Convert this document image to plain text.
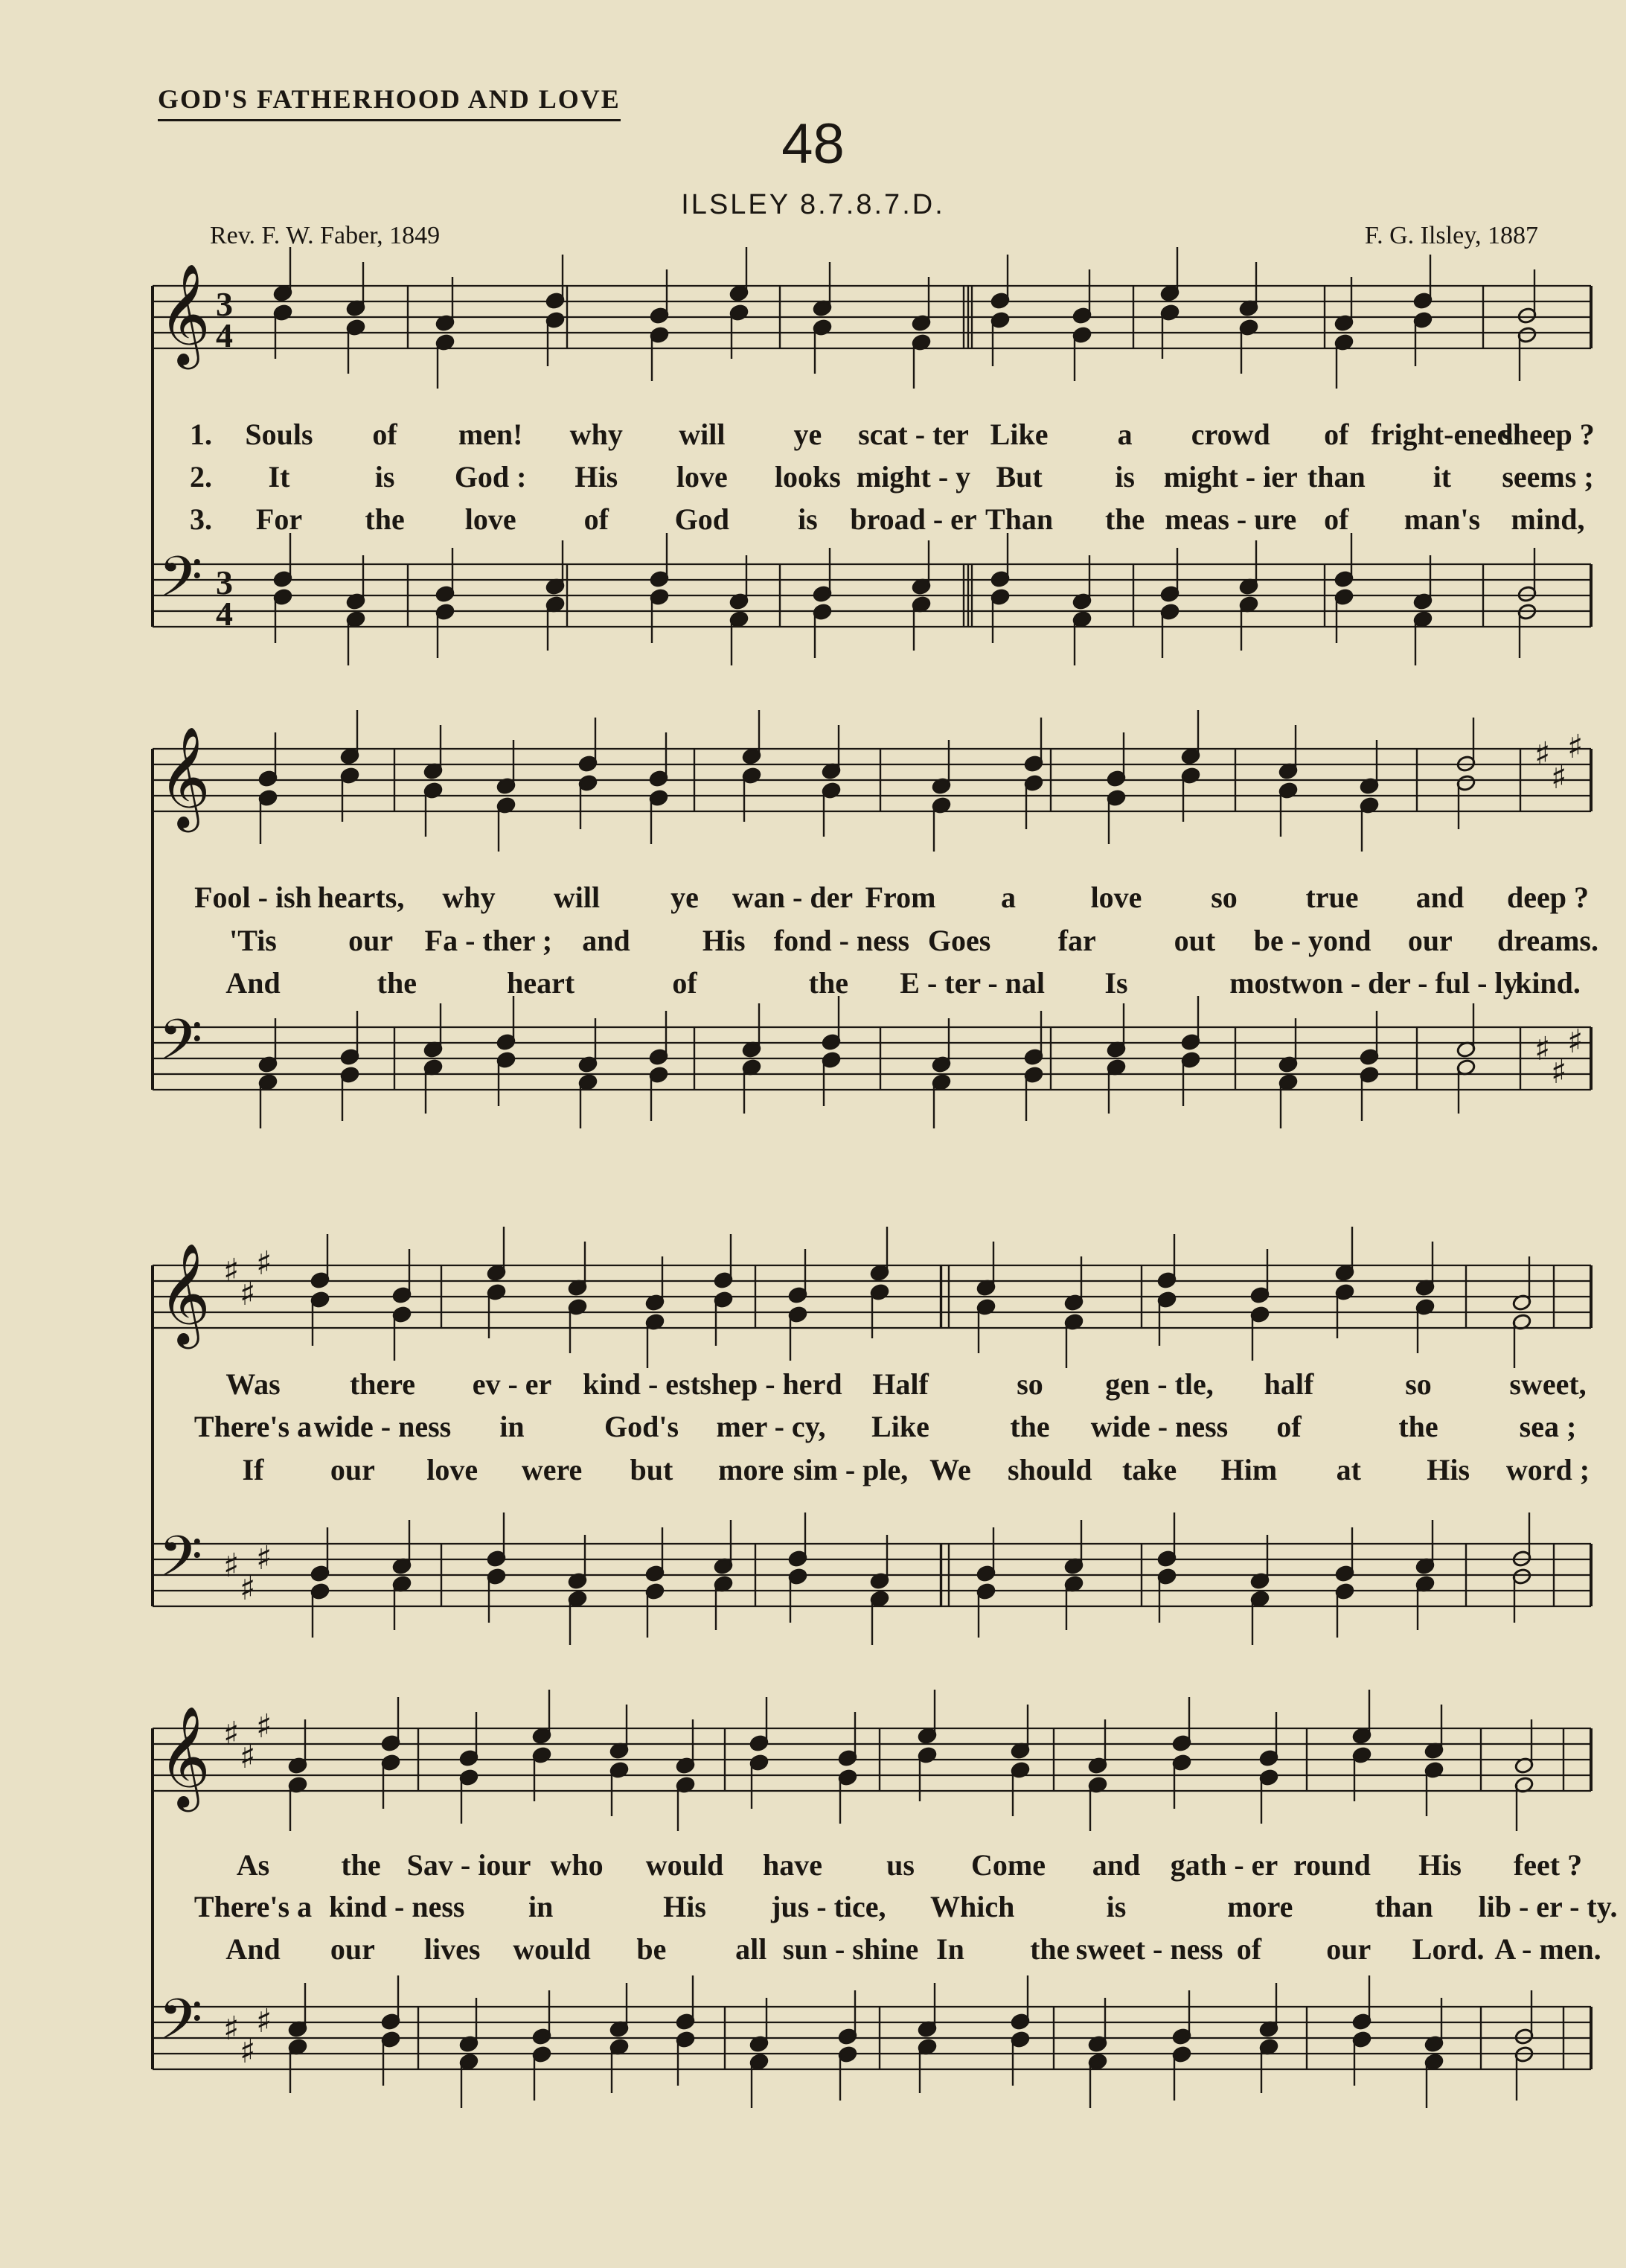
GOD'S FATHERHOOD AND LOVE
48
ILSLEY 8.7.8.7.D.
Rev. F. W. Faber, 1849	F. G. Ilsley, 1887
𝄞
𝄢
3
3
4
4
𝄞
𝄢
♯
♯
♯
♯
♯
♯
𝄞
𝄢
♯
♯
♯
♯
♯
♯
𝄞
𝄢
♯
♯
♯
♯
♯
♯
1. Souls of men! why will ye scat - ter Like a crowd of fright-ened
sheep ?
2. It	is God : His love looks might - y But is might - ier than it seems ;
3. For the love of God is broad - er Than the meas - ure of man's mind,
Fool - ish hearts, why will ye wan - der From a	love so true and deep ?
'Tis our Fa - ther ; and His fond - ness Goes far	out be - yond our dreams.
And	the	heart	of	the E - ter - nal Is	most won - der - ful - ly
kind.
Was there ev - er kind - est shep - herd Half	so gen - tle, half	so	sweet,
There's a wide - ness in	God's mer - cy, Like	the wide - ness of	the	sea ;
If our love were but more sim - ple, We should take Him at His word ;
As the Sav - iour who would have us Come and gath - er round His feet ?
There's a kind - ness in	His jus - tice, Which	is	more	than lib - er - ty.
And our lives would be all sun - shine In the sweet - ness of our Lord. A - men.
